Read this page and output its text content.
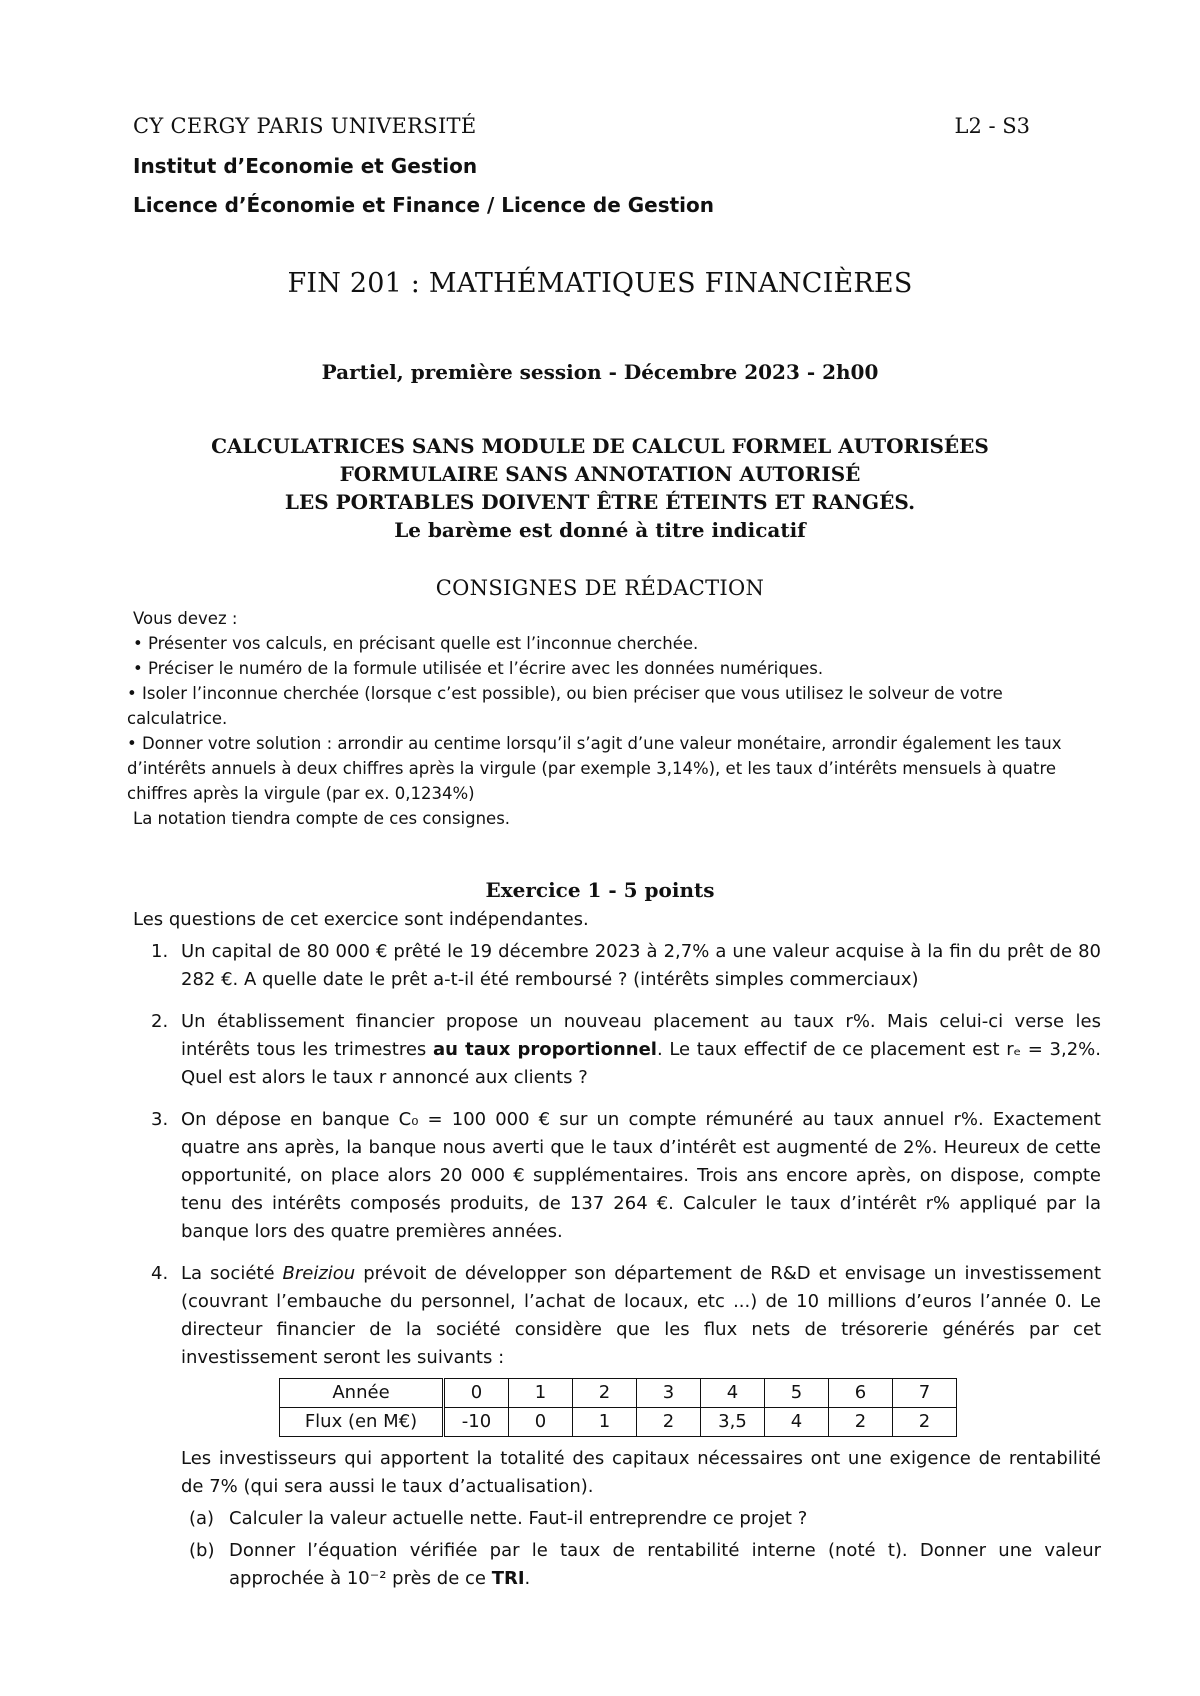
CY CERGY PARIS UNIVERSITÉ	L2 - S3
Institut d’Economie et Gestion
Licence d’Économie et Finance / Licence de Gestion
FIN 201 : MATHÉMATIQUES FINANCIÈRES
Partiel, première session - Décembre 2023 - 2h00
CALCULATRICES SANS MODULE DE CALCUL FORMEL AUTORISÉES
FORMULAIRE SANS ANNOTATION AUTORISÉ
LES PORTABLES DOIVENT ÊTRE ÉTEINTS ET RANGÉS.
Le barème est donné à titre indicatif
CONSIGNES DE RÉDACTION

Vous devez :

• Présenter vos calculs, en précisant quelle est l’inconnue cherchée.

• Préciser le numéro de la formule utilisée et l’écrire avec les données numériques.

• Isoler l’inconnue cherchée (lorsque c’est possible), ou bien préciser que vous utilisez le solveur de votre calculatrice.

• Donner votre solution : arrondir au centime lorsqu’il s’agit d’une valeur monétaire, arrondir également les taux d’intérêts annuels à deux chiffres après la virgule (par exemple 3,14%), et les taux d’intérêts mensuels à quatre chiffres après la virgule (par ex. 0,1234%)

La notation tiendra compte de ces consignes.

Exercice 1 - 5 points

Les questions de cet exercice sont indépendantes.

1. Un capital de 80 000 € prêté le 19 décembre 2023 à 2,7% a une valeur acquise à la fin du prêt de 80 282 €. A quelle date le prêt a-t-il été remboursé ? (intérêts simples commerciaux)
2. Un établissement financier propose un nouveau placement au taux r%. Mais celui-ci verse les intérêts tous les trimestres au taux proportionnel. Le taux effectif de ce placement est rₑ = 3,2%. Quel est alors le taux r annoncé aux clients ?
3. On dépose en banque C₀ = 100 000 € sur un compte rémunéré au taux annuel r%. Exactement quatre ans après, la banque nous averti que le taux d’intérêt est augmenté de 2%. Heureux de cette opportunité, on place alors 20 000 € supplémentaires. Trois ans encore après, on dispose, compte tenu des intérêts composés produits, de 137 264 €. Calculer le taux d’intérêt r% appliqué par la banque lors des quatre premières années.
4. La société Breiziou prévoit de développer son département de R&D et envisage un investissement (couvrant l’embauche du personnel, l’achat de locaux, etc ...) de 10 millions d’euros l’année 0. Le directeur financier de la société considère que les flux nets de trésorerie générés par cet investissement seront les suivants :
Année	0	1	2	3	4	5	6	7
Flux (en M€)	-10	0	1	2	3,5	4	2	2
Les investisseurs qui apportent la totalité des capitaux nécessaires ont une exigence de rentabilité de 7% (qui sera aussi le taux d’actualisation).
(a) Calculer la valeur actuelle nette. Faut-il entreprendre ce projet ?
(b) Donner l’équation vérifiée par le taux de rentabilité interne (noté t). Donner une valeur approchée à 10⁻² près de ce TRI.
